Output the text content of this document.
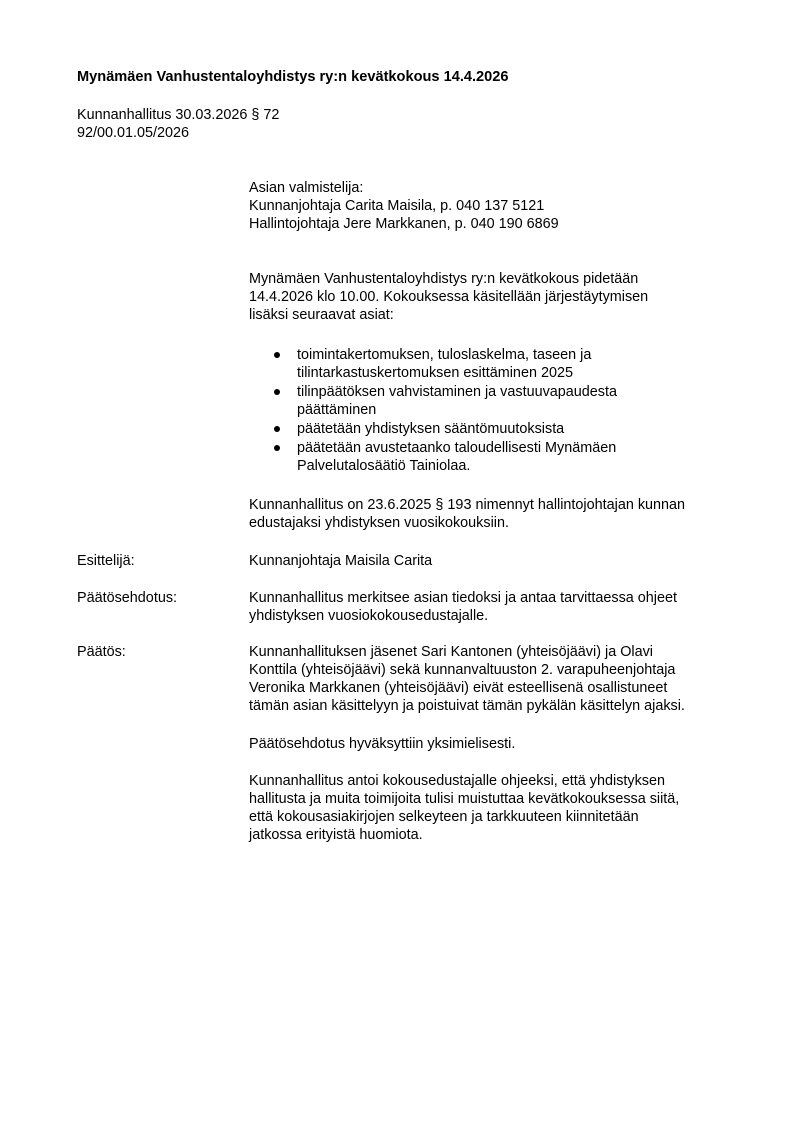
Mynämäen Vanhustentaloyhdistys ry:n kevätkokous 14.4.2026
Kunnanhallitus 30.03.2026 § 72
92/00.01.05/2026
Asian valmistelija:
Kunnanjohtaja Carita Maisila, p. 040 137 5121
Hallintojohtaja Jere Markkanen, p. 040 190 6869
Mynämäen Vanhustentaloyhdistys ry:n kevätkokous pidetään
14.4.2026 klo 10.00. Kokouksessa käsitellään järjestäytymisen
lisäksi seuraavat asiat:
toimintakertomuksen, tuloslaskelma, taseen ja
tilintarkastuskertomuksen esittäminen 2025
tilinpäätöksen vahvistaminen ja vastuuvapaudesta
päättäminen
päätetään yhdistyksen sääntömuutoksista
päätetään avustetaanko taloudellisesti Mynämäen
Palvelutalosäätiö Tainiolaa.
Kunnanhallitus on 23.6.2025 § 193 nimennyt hallintojohtajan kunnan
edustajaksi yhdistyksen vuosikokouksiin.
Esittelijä:	Kunnanjohtaja Maisila Carita
Päätösehdotus:	Kunnanhallitus merkitsee asian tiedoksi ja antaa tarvittaessa ohjeet
yhdistyksen vuosiokokousedustajalle.
Päätös:	Kunnanhallituksen jäsenet Sari Kantonen (yhteisöjäävi) ja Olavi
Konttila (yhteisöjäävi) sekä kunnanvaltuuston 2. varapuheenjohtaja
Veronika Markkanen (yhteisöjäävi) eivät esteellisenä osallistuneet
tämän asian käsittelyyn ja poistuivat tämän pykälän käsittelyn ajaksi.
Päätösehdotus hyväksyttiin yksimielisesti.
Kunnanhallitus antoi kokousedustajalle ohjeeksi, että yhdistyksen
hallitusta ja muita toimijoita tulisi muistuttaa kevätkokouksessa siitä,
että kokousasiakirjojen selkeyteen ja tarkkuuteen kiinnitetään
jatkossa erityistä huomiota.
